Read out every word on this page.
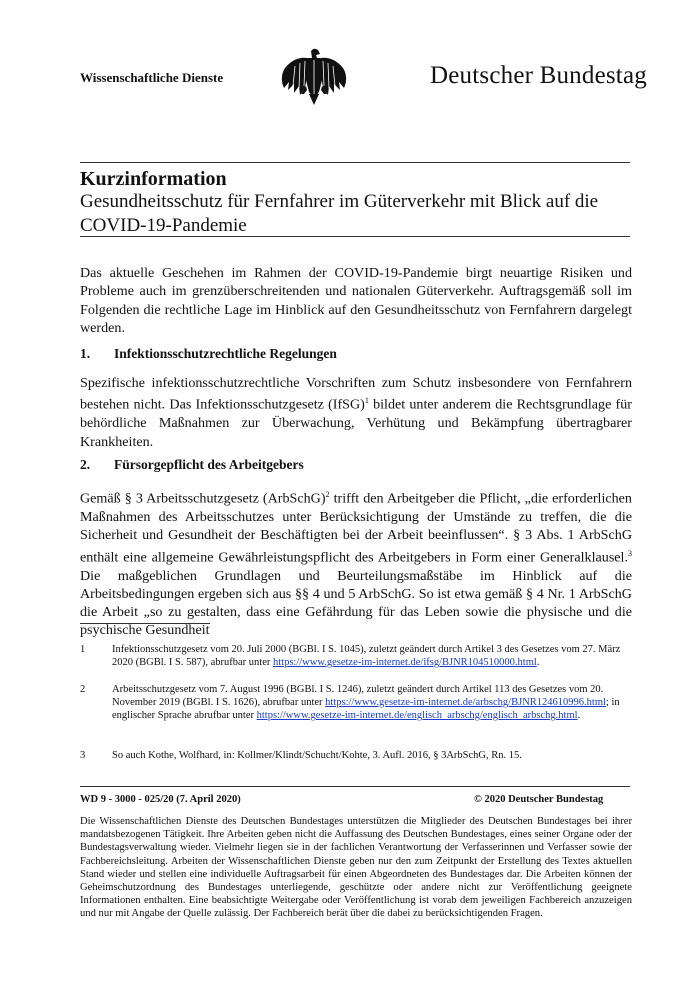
Wissenschaftliche Dienste	Deutscher Bundestag
Kurzinformation
Gesundheitsschutz für Fernfahrer im Güterverkehr mit Blick auf die COVID-19-Pandemie
Das aktuelle Geschehen im Rahmen der COVID-19-Pandemie birgt neuartige Risiken und Probleme auch im grenzüberschreitenden und nationalen Güterverkehr. Auftragsgemäß soll im Folgenden die rechtliche Lage im Hinblick auf den Gesundheitsschutz von Fernfahrern dargelegt werden.
1. Infektionsschutzrechtliche Regelungen
Spezifische infektionsschutzrechtliche Vorschriften zum Schutz insbesondere von Fernfahrern bestehen nicht. Das Infektionsschutzgesetz (IfSG)$^1$ bildet unter anderem die Rechtsgrundlage für behördliche Maßnahmen zur Überwachung, Verhütung und Bekämpfung übertragbarer Krankheiten.
2. Fürsorgepflicht des Arbeitgebers
Gemäß § 3 Arbeitsschutzgesetz (ArbSchG)$^2$ trifft den Arbeitgeber die Pflicht, „die erforderlichen Maßnahmen des Arbeitsschutzes unter Berücksichtigung der Umstände zu treffen, die die Sicherheit und Gesundheit der Beschäftigten bei der Arbeit beeinflussen“. § 3 Abs. 1 ArbSchG enthält eine allgemeine Gewährleistungspflicht des Arbeitgebers in Form einer Generalklausel.$^3$ Die maßgeblichen Grundlagen und Beurteilungsmaßstäbe im Hinblick auf die Arbeitsbedingungen ergeben sich aus §§ 4 und 5 ArbSchG. So ist etwa gemäß § 4 Nr. 1 ArbSchG die Arbeit „so zu gestalten, dass eine Gefährdung für das Leben sowie die physische und die psychische Gesundheit
1	Infektionsschutzgesetz vom 20. Juli 2000 (BGBl. I S. 1045), zuletzt geändert durch Artikel 3 des Gesetzes vom 27. März 2020 (BGBl. I S. 587), abrufbar unter https://www.gesetze-im-internet.de/ifsg/BJNR104510000.html.
2	Arbeitsschutzgesetz vom 7. August 1996 (BGBl. I S. 1246), zuletzt geändert durch Artikel 113 des Gesetzes vom 20. November 2019 (BGBl. I S. 1626), abrufbar unter https://www.gesetze-im-internet.de/arbschg/BJNR124610996.html; in englischer Sprache abrufbar unter https://www.gesetze-im-internet.de/englisch_arbschg/englisch_arbschg.html.
3	So auch Kothe, Wolfhard, in: Kollmer/Klindt/Schucht/Kohte, 3. Aufl. 2016, § 3ArbSchG, Rn. 15.
WD 9 - 3000 - 025/20 (7. April 2020)	© 2020 Deutscher Bundestag
Die Wissenschaftlichen Dienste des Deutschen Bundestages unterstützen die Mitglieder des Deutschen Bundestages bei ihrer mandatsbezogenen Tätigkeit. Ihre Arbeiten geben nicht die Auffassung des Deutschen Bundestages, eines seiner Organe oder der Bundestagsverwaltung wieder. Vielmehr liegen sie in der fachlichen Verantwortung der Verfasserinnen und Verfasser sowie der Fachbereichsleitung. Arbeiten der Wissenschaftlichen Dienste geben nur den zum Zeitpunkt der Erstellung des Textes aktuellen Stand wieder und stellen eine individuelle Auftragsarbeit für einen Abgeordneten des Bundestages dar. Die Arbeiten können der Geheimschutzordnung des Bundestages unterliegende, geschützte oder andere nicht zur Veröffentlichung geeignete Informationen enthalten. Eine beabsichtigte Weitergabe oder Veröffentlichung ist vorab dem jeweiligen Fachbereich anzuzeigen und nur mit Angabe der Quelle zulässig. Der Fachbereich berät über die dabei zu berücksichtigenden Fragen.
